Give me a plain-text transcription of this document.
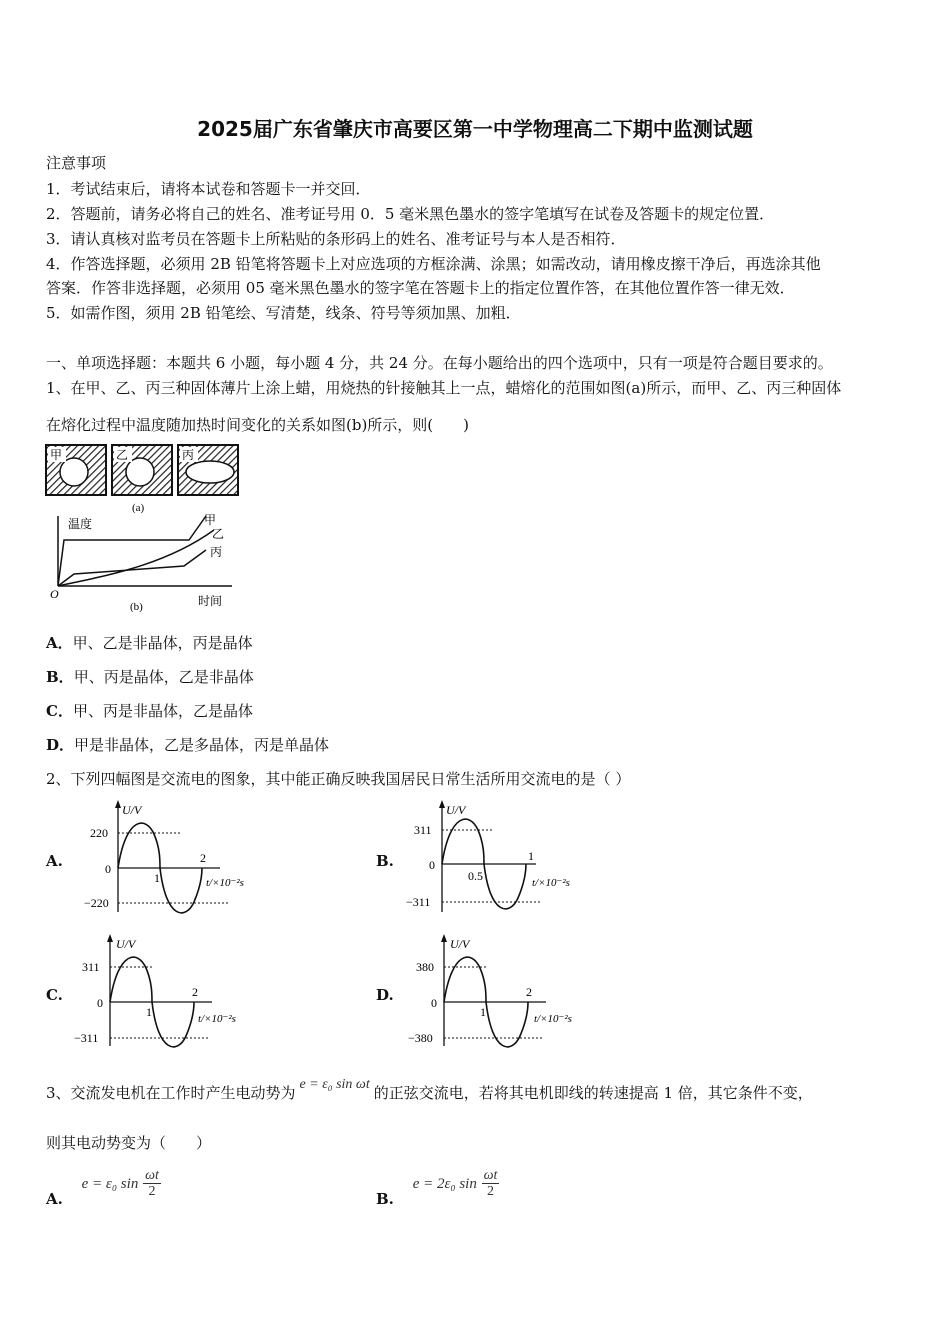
2025届广东省肇庆市高要区第一中学物理高二下期中监测试题
注意事项
1．考试结束后，请将本试卷和答题卡一并交回．
2．答题前，请务必将自己的姓名、准考证号用 0．5 毫米黑色墨水的签字笔填写在试卷及答题卡的规定位置．
3．请认真核对监考员在答题卡上所粘贴的条形码上的姓名、准考证号与本人是否相符．
4．作答选择题，必须用 2B 铅笔将答题卡上对应选项的方框涂满、涂黑；如需改动，请用橡皮擦干净后，再选涂其他
答案．作答非选择题，必须用 05 毫米黑色墨水的签字笔在答题卡上的指定位置作答，在其他位置作答一律无效．
5．如需作图，须用 2B 铅笔绘、写清楚，线条、符号等须加黑、加粗．
一、单项选择题：本题共 6 小题，每小题 4 分，共 24 分。在每小题给出的四个选项中，只有一项是符合题目要求的。
1、在甲、乙、丙三种固体薄片上涂上蜡，用烧热的针接触其上一点，蜡熔化的范围如图(a)所示，而甲、乙、丙三种固体
在熔化过程中温度随加热时间变化的关系如图(b)所示，则(　　)
甲	乙	丙
(a)
温度	甲
乙
丙
O
(b)	时间
A．甲、乙是非晶体，丙是晶体
B．甲、丙是晶体，乙是非晶体
C．甲、丙是非晶体，乙是晶体
D．甲是非晶体，乙是多晶体，丙是单晶体
2、下列四幅图是交流电的图象，其中能正确反映我国居民日常生活所用交流电的是（ ）
A.	B.
C.	D.
U/V
220
0
−220
1
2
t/×10⁻²s
U/V
311
0
−311
0.5
1
t/×10⁻²s
U/V
311
0
−311
1
2
t/×10⁻²s
U/V
380
0
−380
1
2
t/×10⁻²s
3、交流发电机在工作时产生电动势为 e = ε₀ sin ωt 的正弦交流电，若将其电机即线的转速提高 1 倍，其它条件不变，
则其电动势变为（　　）
A. e = ε₀ $\sin \frac{\omega t}{2}$	B. e = 2ε₀ $\sin \frac{\omega t}{2}$
